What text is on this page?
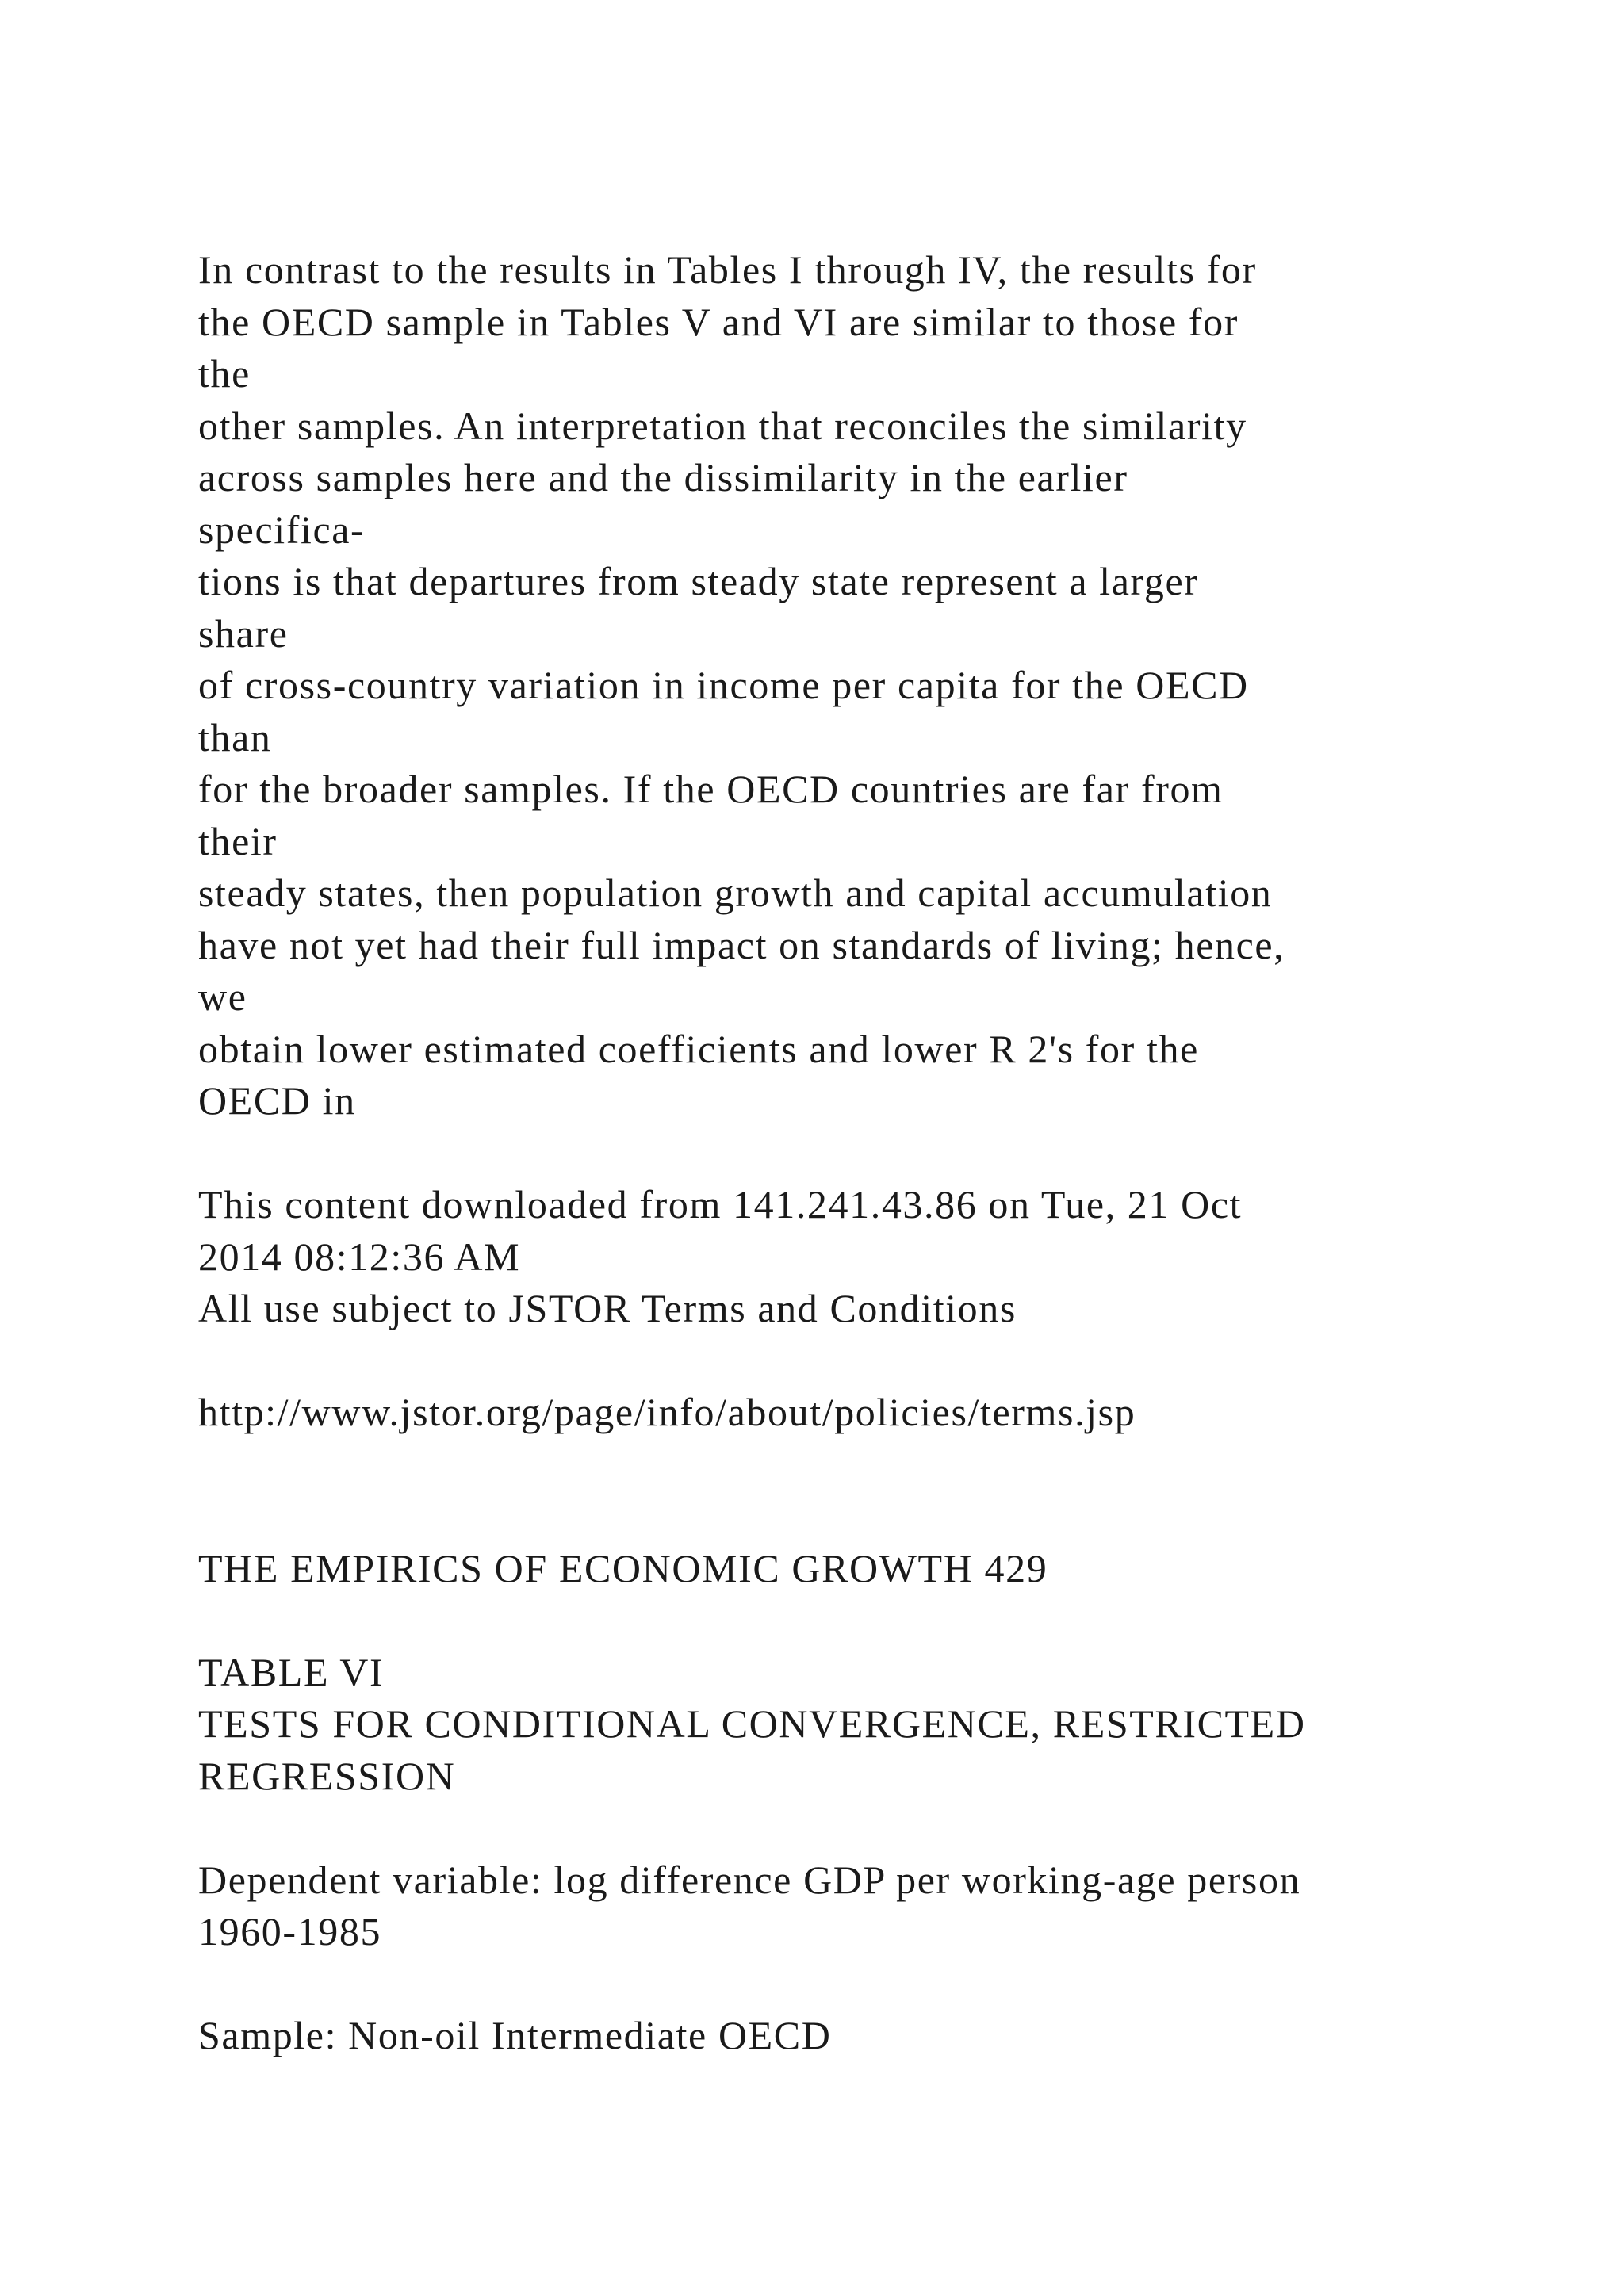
In contrast to the results in Tables I through IV, the results for
the OECD sample in Tables V and VI are similar to those for
the
other samples. An interpretation that reconciles the similarity
across samples here and the dissimilarity in the earlier
specifica-
tions is that departures from steady state represent a larger
share
of cross-country variation in income per capita for the OECD
than
for the broader samples. If the OECD countries are far from
their
steady states, then population growth and capital accumulation
have not yet had their full impact on standards of living; hence,
we
obtain lower estimated coefficients and lower R 2's for the
OECD in
This content downloaded from 141.241.43.86 on Tue, 21 Oct
2014 08:12:36 AM
All use subject to JSTOR Terms and Conditions
http://www.jstor.org/page/info/about/policies/terms.jsp
THE EMPIRICS OF ECONOMIC GROWTH 429
TABLE VI
TESTS FOR CONDITIONAL CONVERGENCE, RESTRICTED
REGRESSION
Dependent variable: log difference GDP per working-age person
1960-1985
Sample: Non-oil Intermediate OECD
